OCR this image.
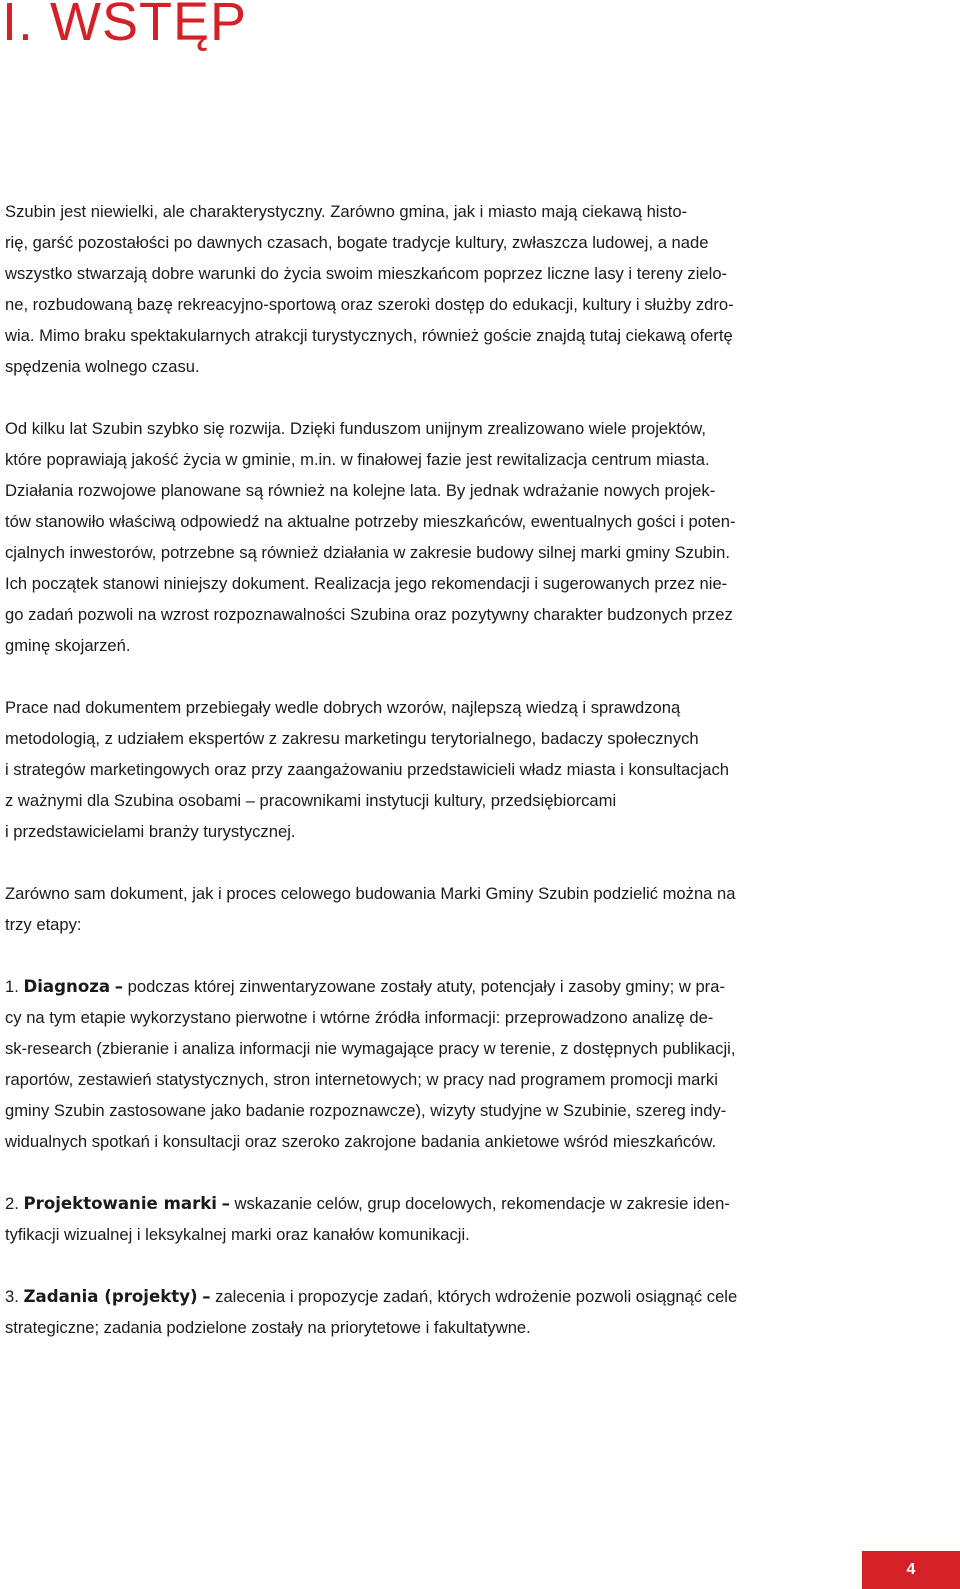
I. WSTĘP

Szubin jest niewielki, ale charakterystyczny. Zarówno gmina, jak i miasto mają ciekawą histo-
rię, garść pozostałości po dawnych czasach, bogate tradycje kultury, zwłaszcza ludowej, a nade
wszystko stwarzają dobre warunki do życia swoim mieszkańcom poprzez liczne lasy i tereny zielo-
ne, rozbudowaną bazę rekreacyjno-sportową oraz szeroki dostęp do edukacji, kultury i służby zdro-
wia. Mimo braku spektakularnych atrakcji turystycznych, również goście znajdą tutaj ciekawą ofertę
spędzenia wolnego czasu.

Od kilku lat Szubin szybko się rozwija. Dzięki funduszom unijnym zrealizowano wiele projektów,
które poprawiają jakość życia w gminie, m.in. w finałowej fazie jest rewitalizacja centrum miasta.
Działania rozwojowe planowane są również na kolejne lata. By jednak wdrażanie nowych projek-
tów stanowiło właściwą odpowiedź na aktualne potrzeby mieszkańców, ewentualnych gości i poten-
cjalnych inwestorów, potrzebne są również działania w zakresie budowy silnej marki gminy Szubin.
Ich początek stanowi niniejszy dokument. Realizacja jego rekomendacji i sugerowanych przez nie-
go zadań pozwoli na wzrost rozpoznawalności Szubina oraz pozytywny charakter budzonych przez
gminę skojarzeń.

Prace nad dokumentem przebiegały wedle dobrych wzorów, najlepszą wiedzą i sprawdzoną
metodologią, z udziałem ekspertów z zakresu marketingu terytorialnego, badaczy społecznych
i strategów marketingowych oraz przy zaangażowaniu przedstawicieli władz miasta i konsultacjach
z ważnymi dla Szubina osobami – pracownikami instytucji kultury, przedsiębiorcami
i przedstawicielami branży turystycznej.

Zarówno sam dokument, jak i proces celowego budowania Marki Gminy Szubin podzielić można na
trzy etapy:

1. Diagnoza – podczas której zinwentaryzowane zostały atuty, potencjały i zasoby gminy; w pra-
cy na tym etapie wykorzystano pierwotne i wtórne źródła informacji: przeprowadzono analizę de-
sk-research (zbieranie i analiza informacji nie wymagające pracy w terenie, z dostępnych publikacji,
raportów, zestawień statystycznych, stron internetowych; w pracy nad programem promocji marki
gminy Szubin zastosowane jako badanie rozpoznawcze), wizyty studyjne w Szubinie, szereg indy-
widualnych spotkań i konsultacji oraz szeroko zakrojone badania ankietowe wśród mieszkańców.

2. Projektowanie marki – wskazanie celów, grup docelowych, rekomendacje w zakresie iden-
tyfikacji wizualnej i leksykalnej marki oraz kanałów komunikacji.

3. Zadania (projekty) – zalecenia i propozycje zadań, których wdrożenie pozwoli osiągnąć cele
strategiczne; zadania podzielone zostały na priorytetowe i fakultatywne.

4
